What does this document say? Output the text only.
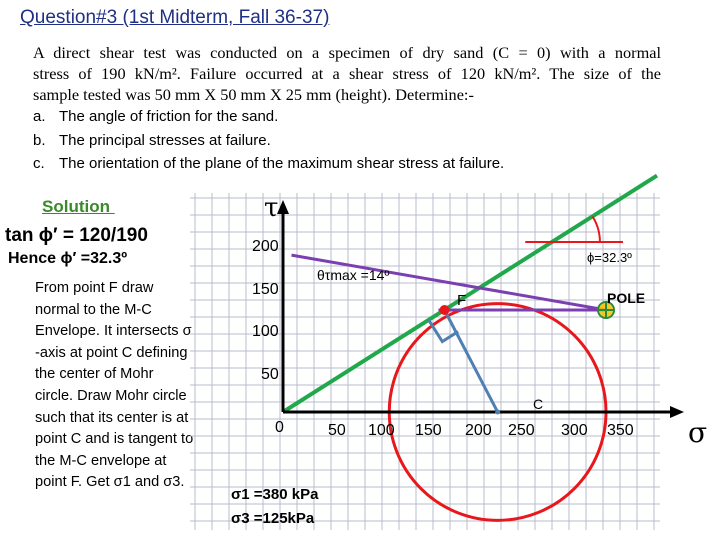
Question#3 (1st Midterm, Fall 36-37)
A direct shear test was conducted on a specimen of dry sand (C = 0) with a normal
stress of 190 kN/m². Failure occurred at a shear stress of 120 kN/m². The size of the
sample tested was 50 mm X 50 mm X 25 mm (height). Determine:-
a. The angle of friction for the sand.
b. The principal stresses at failure.
c. The orientation of the plane of the maximum shear stress at failure.
Solution
tan ϕ′ = 120/190
Hence ϕ′ =32.3º
From point F draw
normal to the M-C
Envelope. It intersects σ
-axis at point C defining
the center of Mohr
circle. Draw Mohr circle
such that its center is at
point C and is tangent to
the M-C envelope at
point F. Get σ1 and σ3.
τ
σ
50
100
150
200
0	50 100 150 200 250 300 350
F
C
POLE
ϕ=32.3º
θτmax =14º
σ1 =380 kPa
σ3 =125kPa
